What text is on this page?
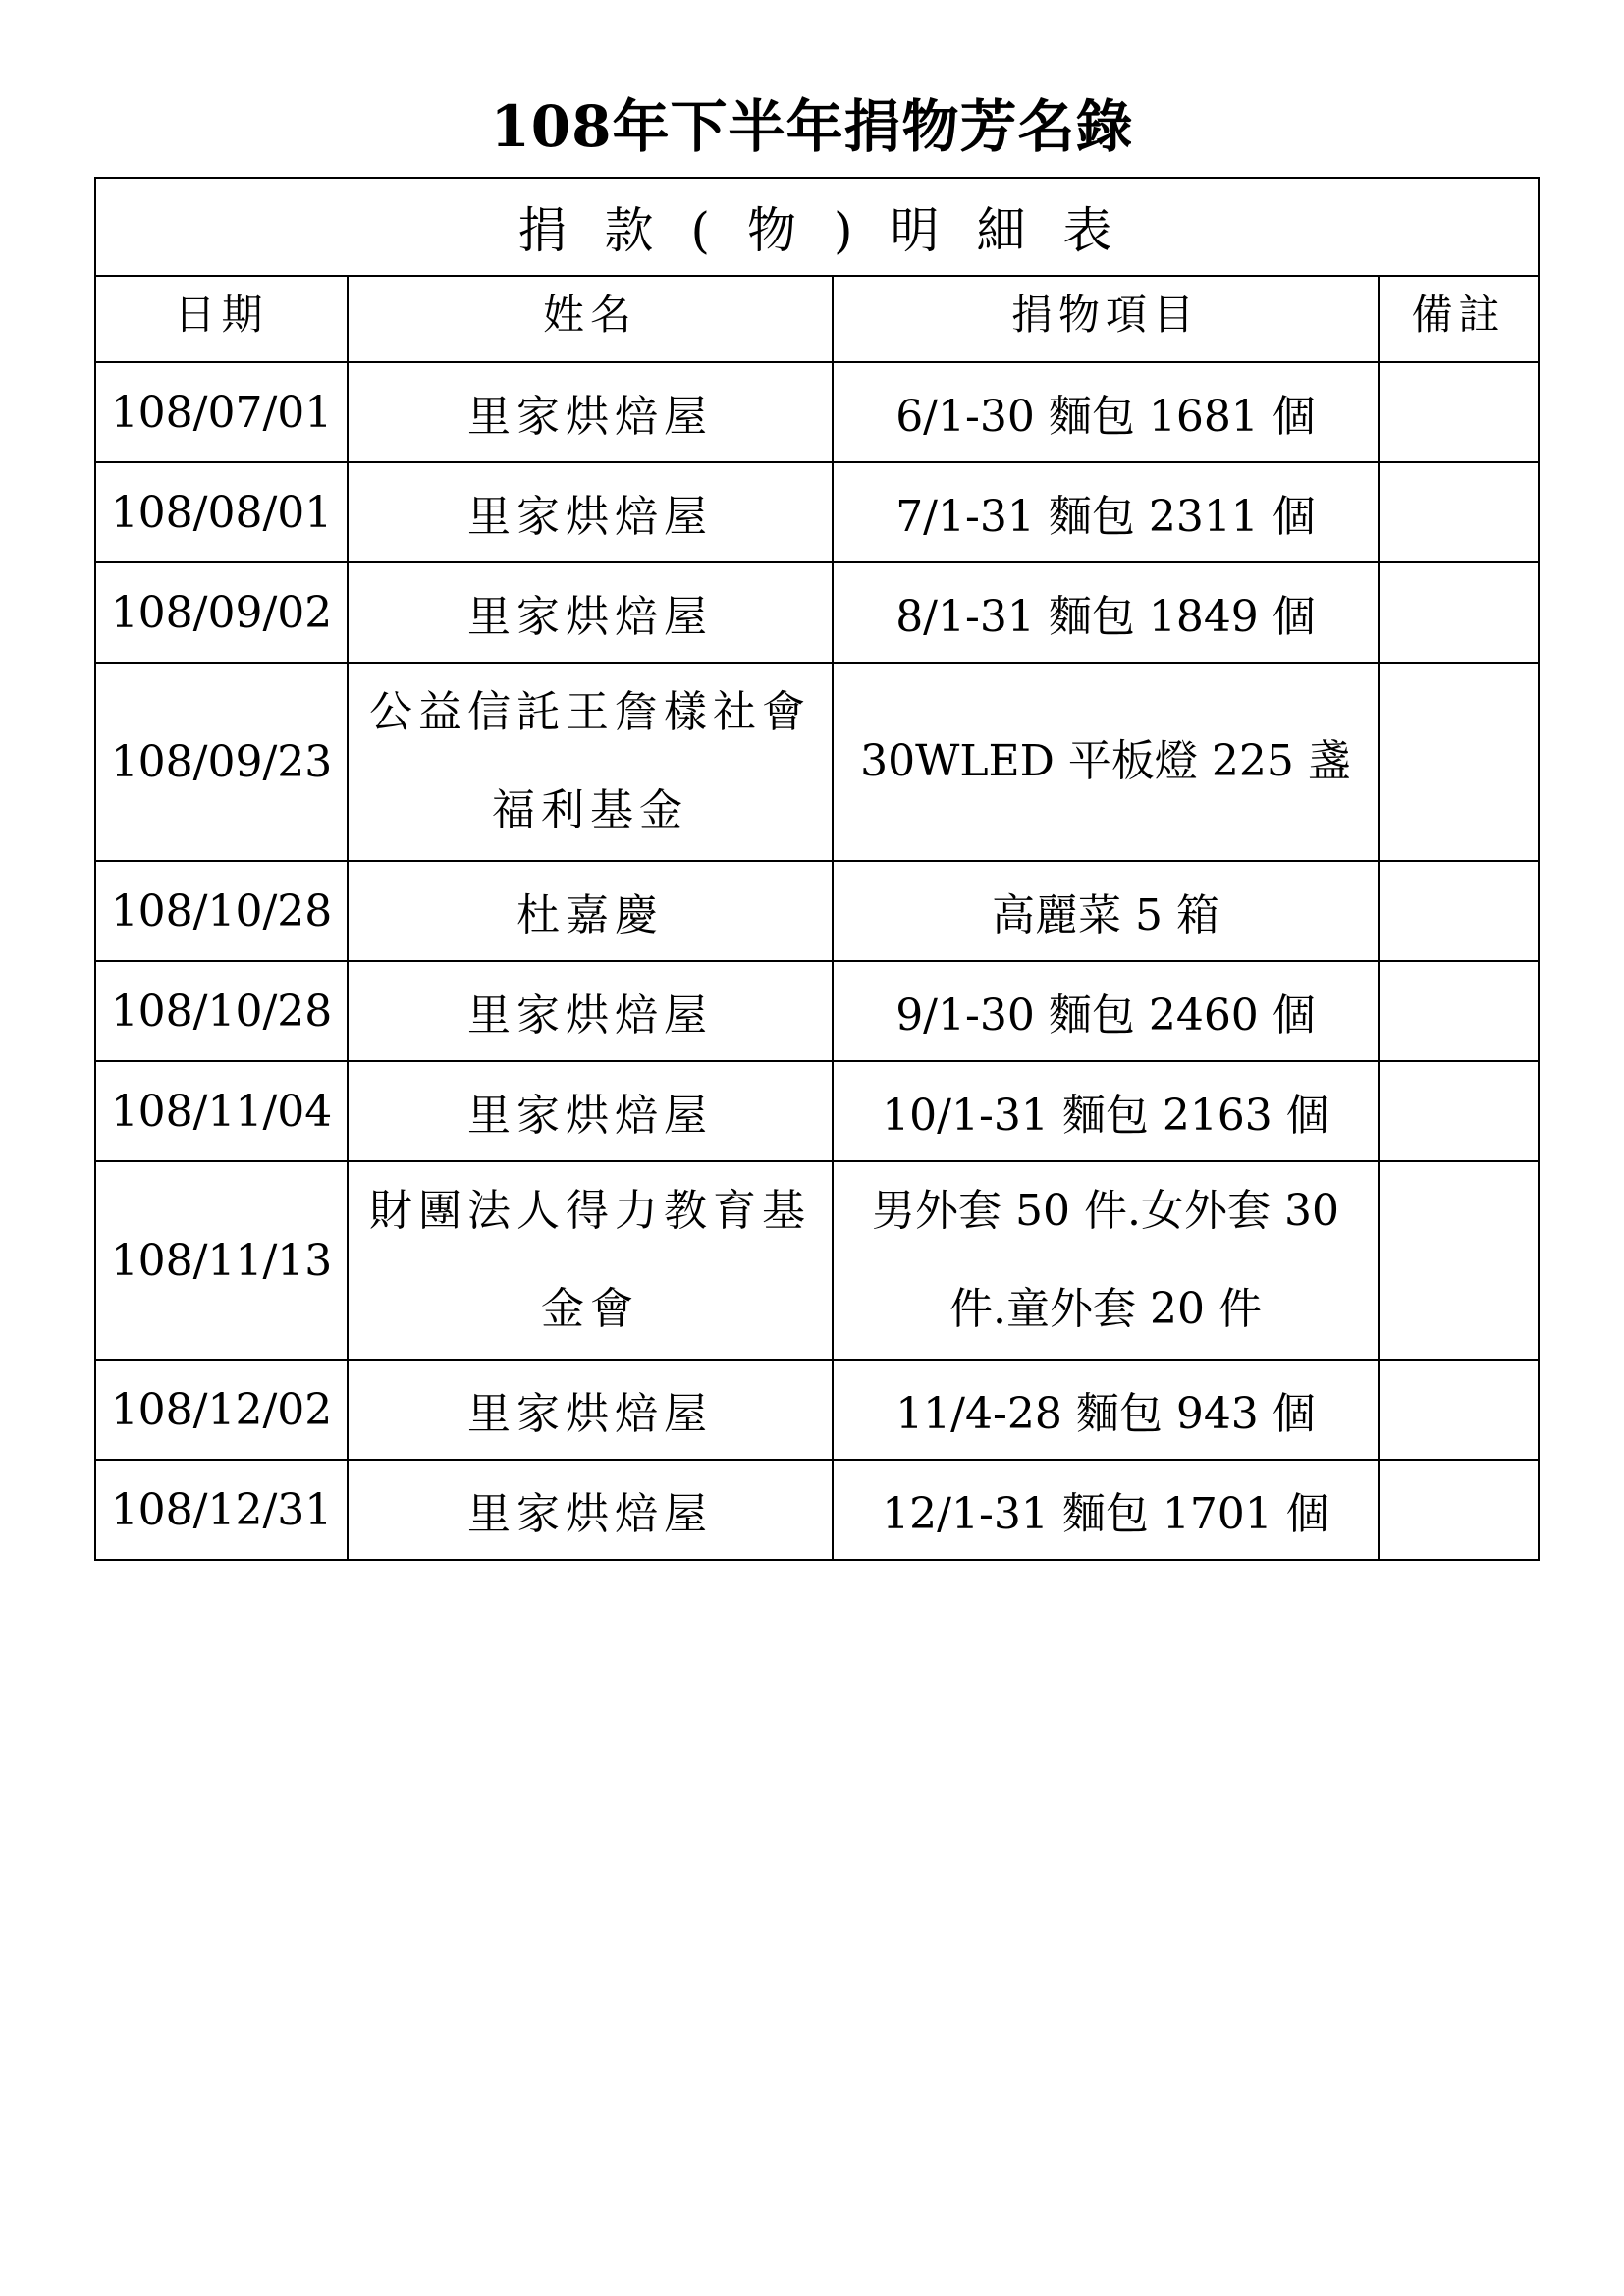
108年下半年捐物芳名錄
捐款(物)明細表			
日期	姓名	捐物項目	備註
108/07/01	里家烘焙屋	6/1-30 麵包 1681 個	
108/08/01	里家烘焙屋	7/1-31 麵包 2311 個	
108/09/02	里家烘焙屋	8/1-31 麵包 1849 個	
108/09/23	公益信託王詹樣社會福利基金	30WLED 平板燈 225 盞	
108/10/28	杜嘉慶	高麗菜 5 箱	
108/10/28	里家烘焙屋	9/1-30 麵包 2460 個	
108/11/04	里家烘焙屋	10/1-31 麵包 2163 個	
108/11/13	財團法人得力教育基金會	男外套 50 件.女外套 30 件.童外套 20 件	
108/12/02	里家烘焙屋	11/4-28 麵包 943 個	
108/12/31	里家烘焙屋	12/1-31 麵包 1701 個	
